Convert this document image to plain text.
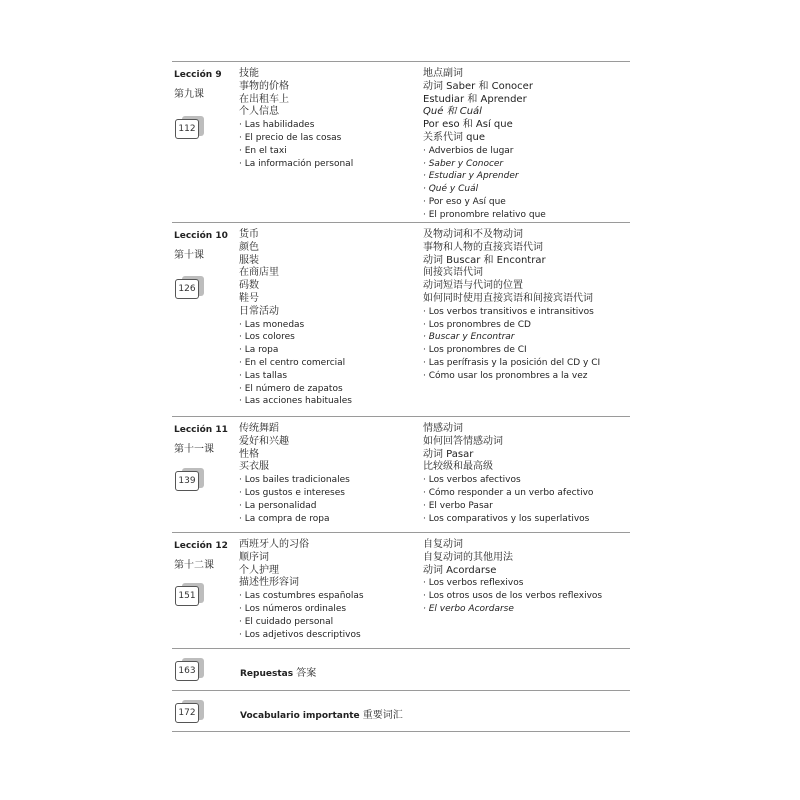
Lección 9
第九课
112
技能
事物的价格
在出租车上
个人信息
· Las habilidades
· El precio de las cosas
· En el taxi
· La información personal
地点副词
动词 Saber 和 Conocer
Estudiar 和 Aprender
Qué 和 Cuál
Por eso 和 Así que
关系代词 que
· Adverbios de lugar
· Saber y Conocer
· Estudiar y Aprender
· Qué y Cuál
· Por eso y Así que
· El pronombre relativo que
Lección 10
第十课
126
货币
颜色
服装
在商店里
码数
鞋号
日常活动
· Las monedas
· Los colores
· La ropa
· En el centro comercial
· Las tallas
· El número de zapatos
· Las acciones habituales
及物动词和不及物动词
事物和人物的直接宾语代词
动词 Buscar 和 Encontrar
间接宾语代词
动词短语与代词的位置
如何同时使用直接宾语和间接宾语代词
· Los verbos transitivos e intransitivos
· Los pronombres de CD
· Buscar y Encontrar
· Los pronombres de CI
· Las perífrasis y la posición del CD y CI
· Cómo usar los pronombres a la vez
Lección 11
第十一课
139
传统舞蹈
爱好和兴趣
性格
买衣服
· Los bailes tradicionales
· Los gustos e intereses
· La personalidad
· La compra de ropa
情感动词
如何回答情感动词
动词 Pasar
比较级和最高级
· Los verbos afectivos
· Cómo responder a un verbo afectivo
· El verbo Pasar
· Los comparativos y los superlativos
Lección 12
第十二课
151
西班牙人的习俗
顺序词
个人护理
描述性形容词
· Las costumbres españolas
· Los números ordinales
· El cuidado personal
· Los adjetivos descriptivos
自复动词
自复动词的其他用法
动词 Acordarse
· Los verbos reflexivos
· Los otros usos de los verbos reflexivos
· El verbo Acordarse
163	Repuestas 答案
172	Vocabulario importante 重要词汇
